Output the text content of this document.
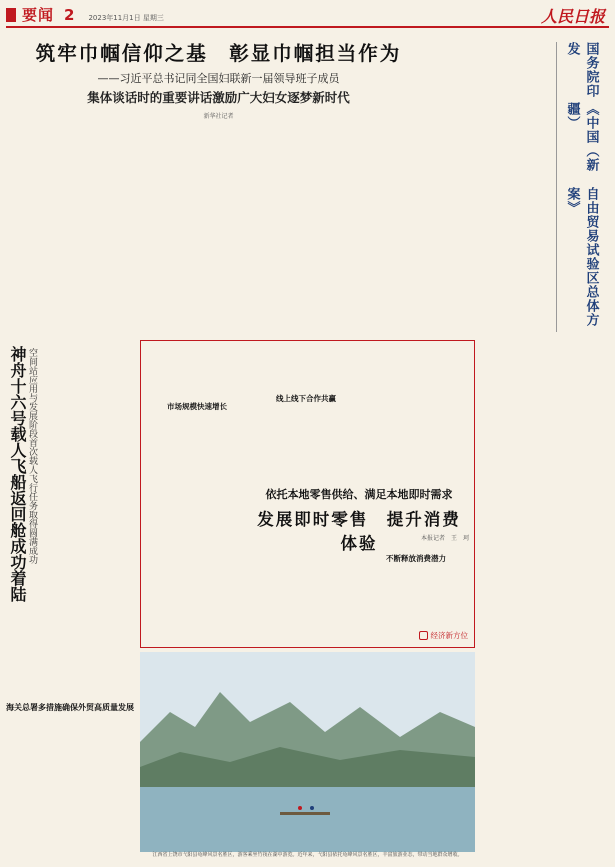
要闻 2 2023年11月1日 星期三	人民日报
筑牢巾帼信仰之基　彰显巾帼担当作为
——习近平总书记同全国妇联新一届领导班子成员
集体谈话时的重要讲话激励广大妇女逐梦新时代
新华社记者
国务院印发
《中国（新疆）
自由贸易试验区总体方案》
神舟十六号载人飞船返回舱成功着陆 空间站应用与发展阶段首次载人飞行任务取得圆满成功
海关总署多措施确保外贸高质量发展
市场规模快速增长
线上线下合作共赢
依托本地零售供给、满足本地即时需求
发展即时零售　提升消费体验	本报记者　王　珂
不断释放消费潜力
经济新方位
江西省上饶市弋阳县龟峰风景名胜区，游客乘坐竹筏在湖中游览。近年来，弋阳县依托龟峰风景名胜区，丰富旅游业态，带动当地群众增收。
